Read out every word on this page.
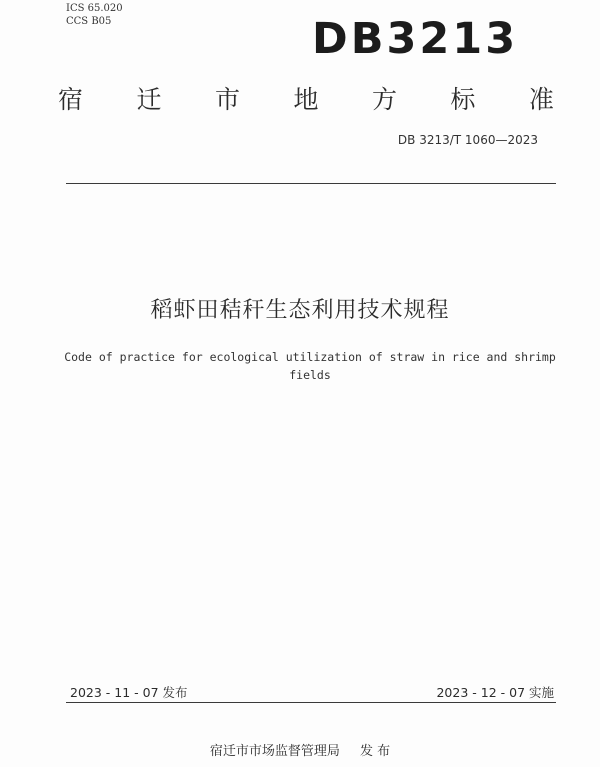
ICS 65.020
CCS B05	DB3213
宿 迁 市 地 方 标 准
DB 3213/T 1060—2023
稻虾田秸秆生态利用技术规程
Code of practice for ecological utilization of straw in rice and shrimp
fields
2023 - 11 - 07 发布	2023 - 12 - 07 实施
宿迁市市场监督管理局 发 布
